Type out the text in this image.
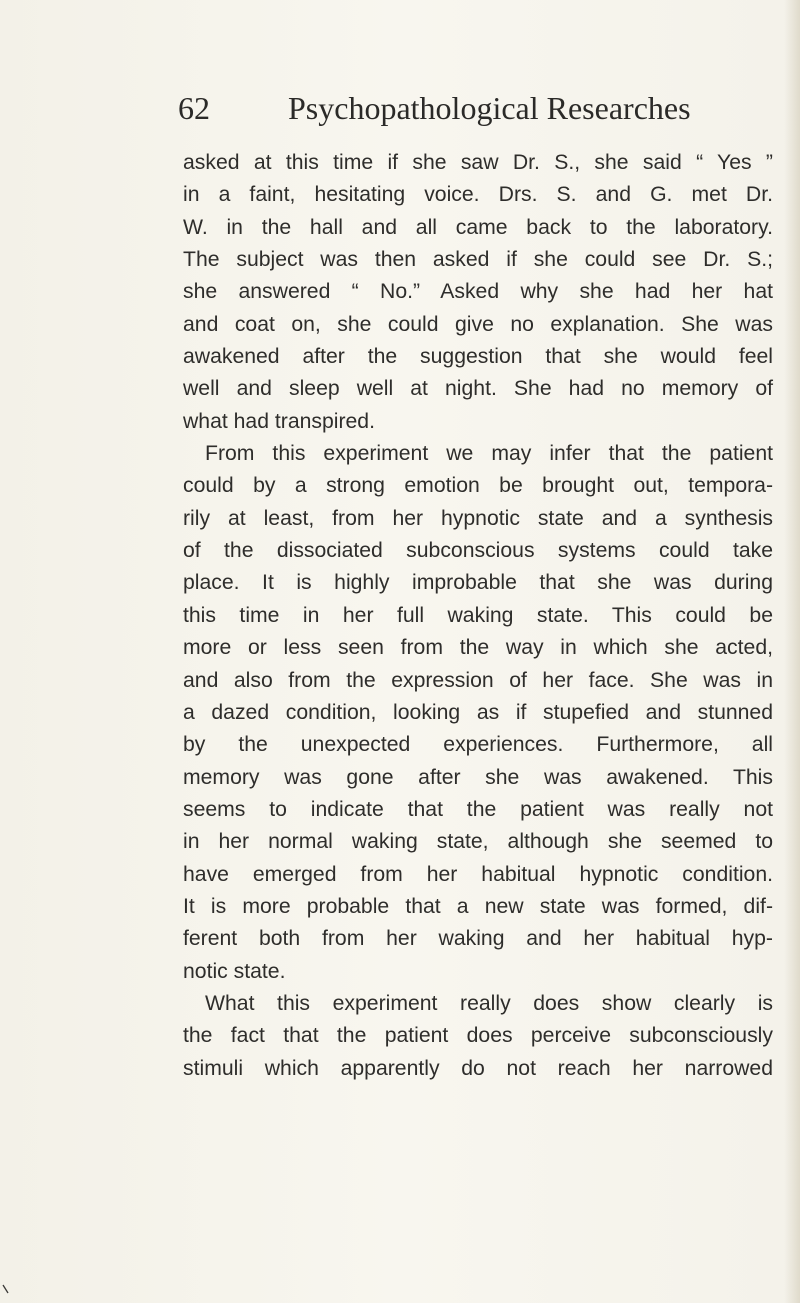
62 Psychopathological Researches
asked at this time if she saw Dr. S., she said “ Yes ”
in a faint, hesitating voice. Drs. S. and G. met Dr.
W. in the hall and all came back to the laboratory.
The subject was then asked if she could see Dr. S.;
she answered “ No.” Asked why she had her hat
and coat on, she could give no explanation. She was
awakened after the suggestion that she would feel
well and sleep well at night. She had no memory of
what had transpired.
From this experiment we may infer that the patient
could by a strong emotion be brought out, tempora-
rily at least, from her hypnotic state and a synthesis
of the dissociated subconscious systems could take
place. It is highly improbable that she was during
this time in her full waking state. This could be
more or less seen from the way in which she acted,
and also from the expression of her face. She was in
a dazed condition, looking as if stupefied and stunned
by the unexpected experiences. Furthermore, all
memory was gone after she was awakened. This
seems to indicate that the patient was really not
in her normal waking state, although she seemed to
have emerged from her habitual hypnotic condition.
It is more probable that a new state was formed, dif-
ferent both from her waking and her habitual hyp-
notic state.
What this experiment really does show clearly is
the fact that the patient does perceive subconsciously
stimuli which apparently do not reach her narrowed
